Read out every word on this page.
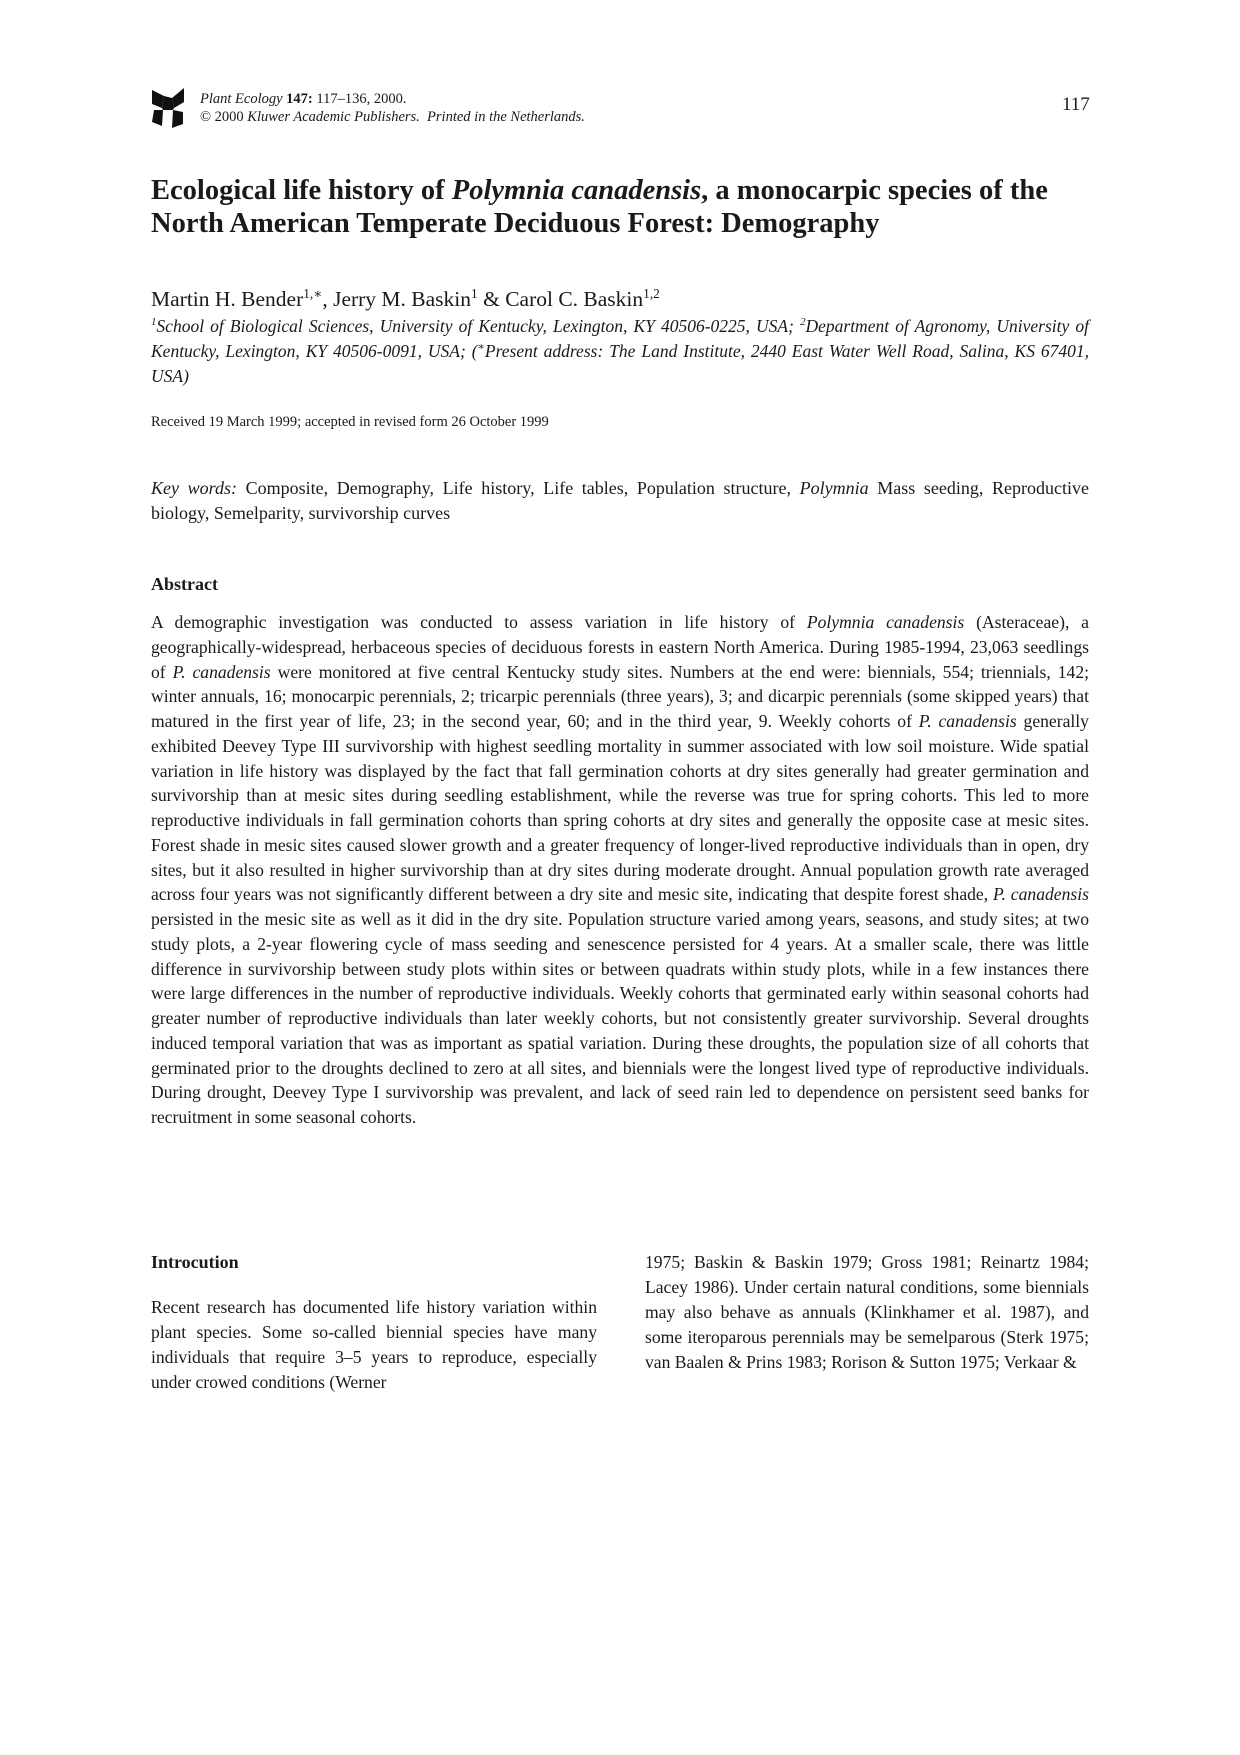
Plant Ecology 147: 117–136, 2000.
© 2000 Kluwer Academic Publishers.  Printed in the Netherlands.
117
Ecological life history of Polymnia canadensis, a monocarpic species of the North American Temperate Deciduous Forest: Demography
Martin H. Bender$^{1,∗}$, Jerry M. Baskin$^1$ & Carol C. Baskin$^{1,2}$
$^1$School of Biological Sciences, University of Kentucky, Lexington, KY 40506-0225, USA; $^2$Department of Agronomy, University of Kentucky, Lexington, KY 40506-0091, USA; (∗Present address: The Land Institute, 2440 East Water Well Road, Salina, KS 67401, USA)
Received 19 March 1999; accepted in revised form 26 October 1999
Key words: Composite, Demography, Life history, Life tables, Population structure, Polymnia Mass seeding, Reproductive biology, Semelparity, survivorship curves
Abstract

A demographic investigation was conducted to assess variation in life history of Polymnia canadensis (Asteraceae), a geographically-widespread, herbaceous species of deciduous forests in eastern North America. During 1985-1994, 23,063 seedlings of P. canadensis were monitored at five central Kentucky study sites. Numbers at the end were: biennials, 554; triennials, 142; winter annuals, 16; monocarpic perennials, 2; tricarpic perennials (three years), 3; and dicarpic perennials (some skipped years) that matured in the first year of life, 23; in the second year, 60; and in the third year, 9. Weekly cohorts of P. canadensis generally exhibited Deevey Type III survivorship with highest seedling mortality in summer associated with low soil moisture. Wide spatial variation in life history was displayed by the fact that fall germination cohorts at dry sites generally had greater germination and survivorship than at mesic sites during seedling establishment, while the reverse was true for spring cohorts. This led to more reproductive individuals in fall germination cohorts than spring cohorts at dry sites and generally the opposite case at mesic sites. Forest shade in mesic sites caused slower growth and a greater frequency of longer-lived reproductive individuals than in open, dry sites, but it also resulted in higher survivorship than at dry sites during moderate drought. Annual population growth rate averaged across four years was not significantly different between a dry site and mesic site, indicating that despite forest shade, P. canadensis persisted in the mesic site as well as it did in the dry site. Population structure varied among years, seasons, and study sites; at two study plots, a 2-year flowering cycle of mass seeding and senescence persisted for 4 years. At a smaller scale, there was little difference in survivorship between study plots within sites or between quadrats within study plots, while in a few instances there were large differences in the number of reproductive individuals. Weekly cohorts that germinated early within seasonal cohorts had greater number of reproductive individuals than later weekly cohorts, but not consistently greater survivorship. Several droughts induced temporal variation that was as important as spatial variation. During these droughts, the population size of all cohorts that germinated prior to the droughts declined to zero at all sites, and biennials were the longest lived type of reproductive individuals. During drought, Deevey Type I survivorship was prevalent, and lack of seed rain led to dependence on persistent seed banks for recruitment in some seasonal cohorts.

Introcution

Recent research has documented life history variation within plant species. Some so-called biennial species have many individuals that require 3–5 years to reproduce, especially under crowed conditions (Werner

1975; Baskin & Baskin 1979; Gross 1981; Reinartz 1984; Lacey 1986). Under certain natural conditions, some biennials may also behave as annuals (Klinkhamer et al. 1987), and some iteroparous perennials may be semelparous (Sterk 1975; van Baalen & Prins 1983; Rorison & Sutton 1975; Verkaar &
